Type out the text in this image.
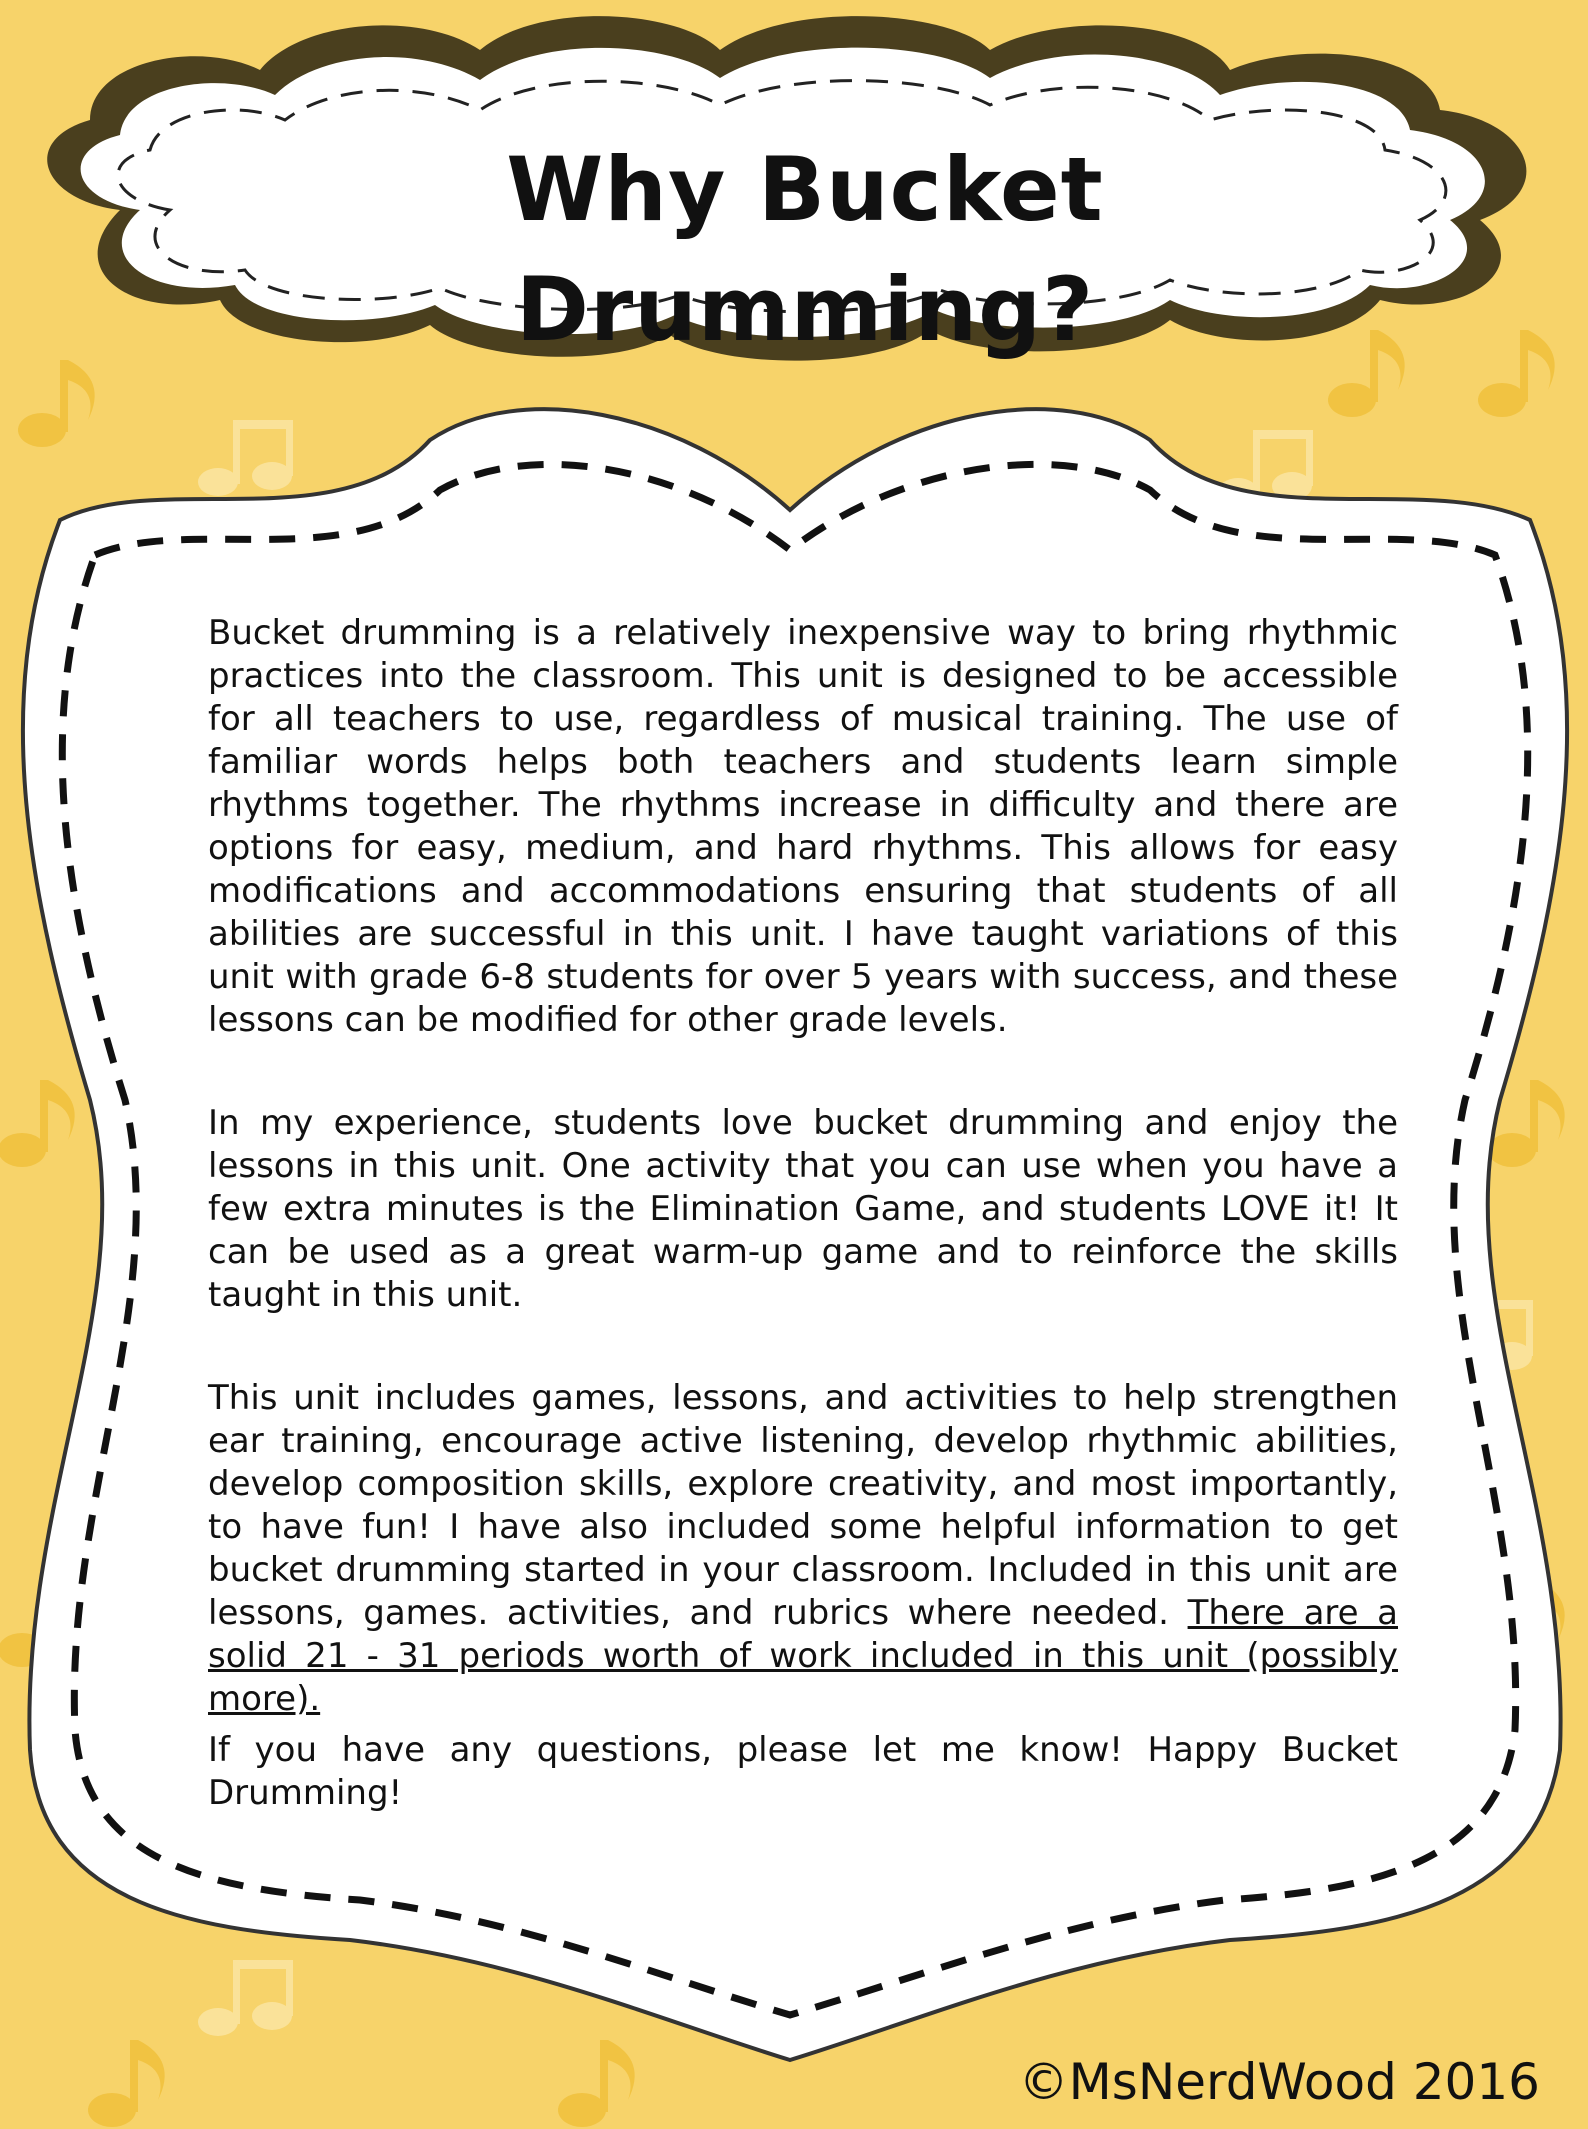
Why Bucket Drumming?

Bucket drumming is a relatively inexpensive way to bring rhythmic practices into the classroom. This unit is designed to be accessible for all teachers to use, regardless of musical training. The use of familiar words helps both teachers and students learn simple rhythms together. The rhythms increase in difficulty and there are options for easy, medium, and hard rhythms. This allows for easy modifications and accommodations ensuring that students of all abilities are successful in this unit. I have taught variations of this unit with grade 6-8 students for over 5 years with success, and these lessons can be modified for other grade levels.

In my experience, students love bucket drumming and enjoy the lessons in this unit. One activity that you can use when you have a few extra minutes is the Elimination Game, and students LOVE it! It can be used as a great warm-up game and to reinforce the skills taught in this unit.

This unit includes games, lessons, and activities to help strengthen ear training, encourage active listening, develop rhythmic abilities, develop composition skills, explore creativity, and most importantly, to have fun! I have also included some helpful information to get bucket drumming started in your classroom. Included in this unit are lessons, games. activities, and rubrics where needed. There are a solid 21 - 31 periods worth of work included in this unit (possibly more).

If you have any questions, please let me know! Happy Bucket Drumming!

©MsNerdWood 2016
